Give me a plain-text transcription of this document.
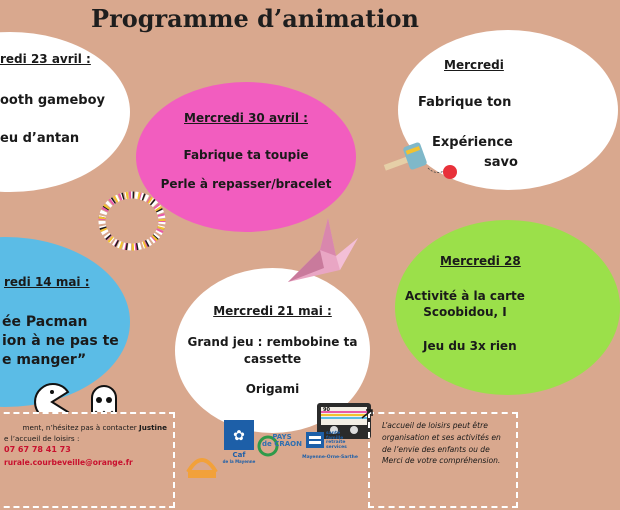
Programme d’animation
redi 23 avril :
ooth gameboy
eu d’antan
Mercredi 30 avril :
Fabrique ta toupie
Perle à repasser/bracelet
Mercredi
Fabrique ton
Expérience
savo
redi 14 mai :
ée Pacman
ion à ne pas te
e manger”
Mercredi 21 mai :
Grand jeu : rembobine ta
cassette
Origami
Mercredi 28
Activité à la carte
Scoobidou, I
Jeu du 3x rien
90
ment, n’hésitez pas à contacter Justine
e l’accueil de loisirs :
07 67 78 41 73
rurale.courbeveille@orange.fr
✿
Caf
de la Mayenne
PAYS
de CRAON
santé
famille
retraite
services
Mayenne-Orne-Sarthe
L’accueil de loisirs peut être
organisation et ses activités en
de l’envie des enfants ou de
Merci de votre compréhension.
